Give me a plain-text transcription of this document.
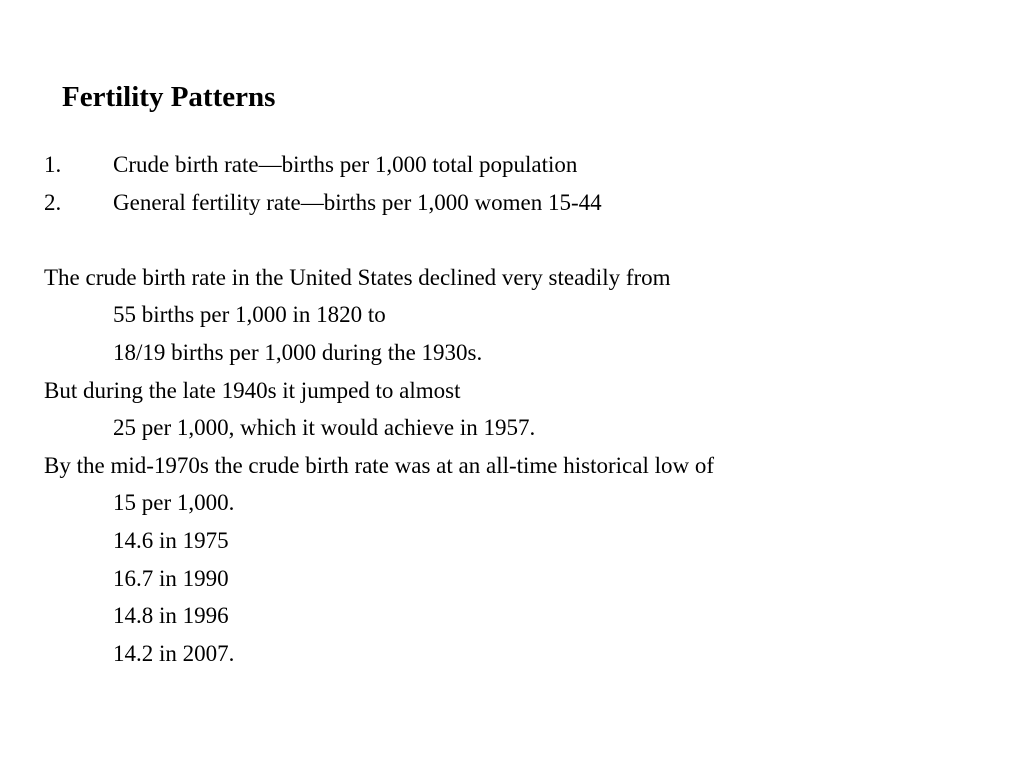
Fertility Patterns
1. Crude birth rate—births per 1,000 total population
2. General fertility rate—births per 1,000 women 15-44
The crude birth rate in the United States declined very steadily from
55 births per 1,000 in 1820 to
18/19 births per 1,000 during the 1930s.
But during the late 1940s it jumped to almost
25 per 1,000, which it would achieve in 1957.
By the mid-1970s the crude birth rate was at an all-time historical low of
15 per 1,000.
14.6 in 1975
16.7 in 1990
14.8 in 1996
14.2 in 2007.
